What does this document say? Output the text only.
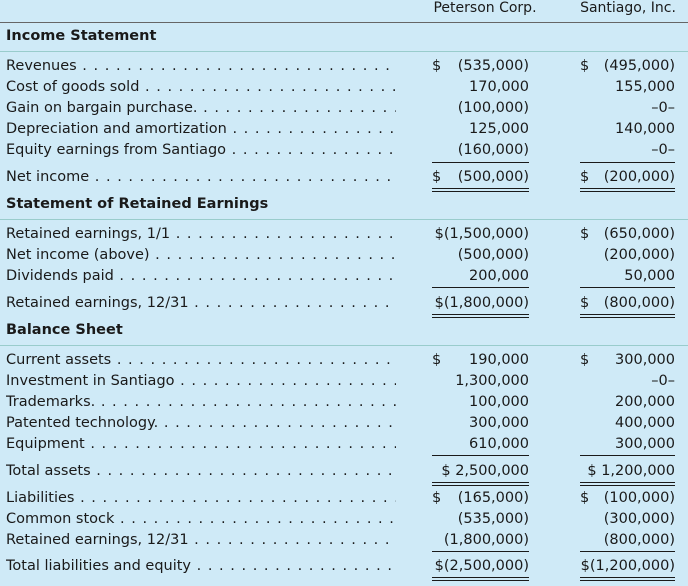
Peterson Corp.	Santiago, Inc.
Income Statement
Revenues . . .	$ (535,000)	$ (495,000)
Cost of goods sold . . .	170,000	155,000
Gain on bargain purchase. . . .	(100,000)	–0–
Depreciation and amortization . . .	125,000	140,000
Equity earnings from Santiago . . .	(160,000)	–0–
Net income . . .	$ (500,000)	$ (200,000)
Statement of Retained Earnings
Retained earnings, 1/1 . . .	$(1,500,000)	$ (650,000)
Net income (above) . . .	(500,000)	(200,000)
Dividends paid . . .	200,000	50,000
Retained earnings, 12/31 . . .	$(1,800,000)	$ (800,000)
Balance Sheet
Current assets . . .	$ 190,000	$ 300,000
Investment in Santiago . . .	1,300,000	–0–
Trademarks. . . .	100,000	200,000
Patented technology. . . .	300,000	400,000
Equipment . . .	610,000	300,000
Total assets . . .	$ 2,500,000	$ 1,200,000
Liabilities . . .	$ (165,000)	$ (100,000)
Common stock . . .	(535,000)	(300,000)
Retained earnings, 12/31 . . .	(1,800,000)	(800,000)
Total liabilities and equity . . .	$(2,500,000)	$(1,200,000)
